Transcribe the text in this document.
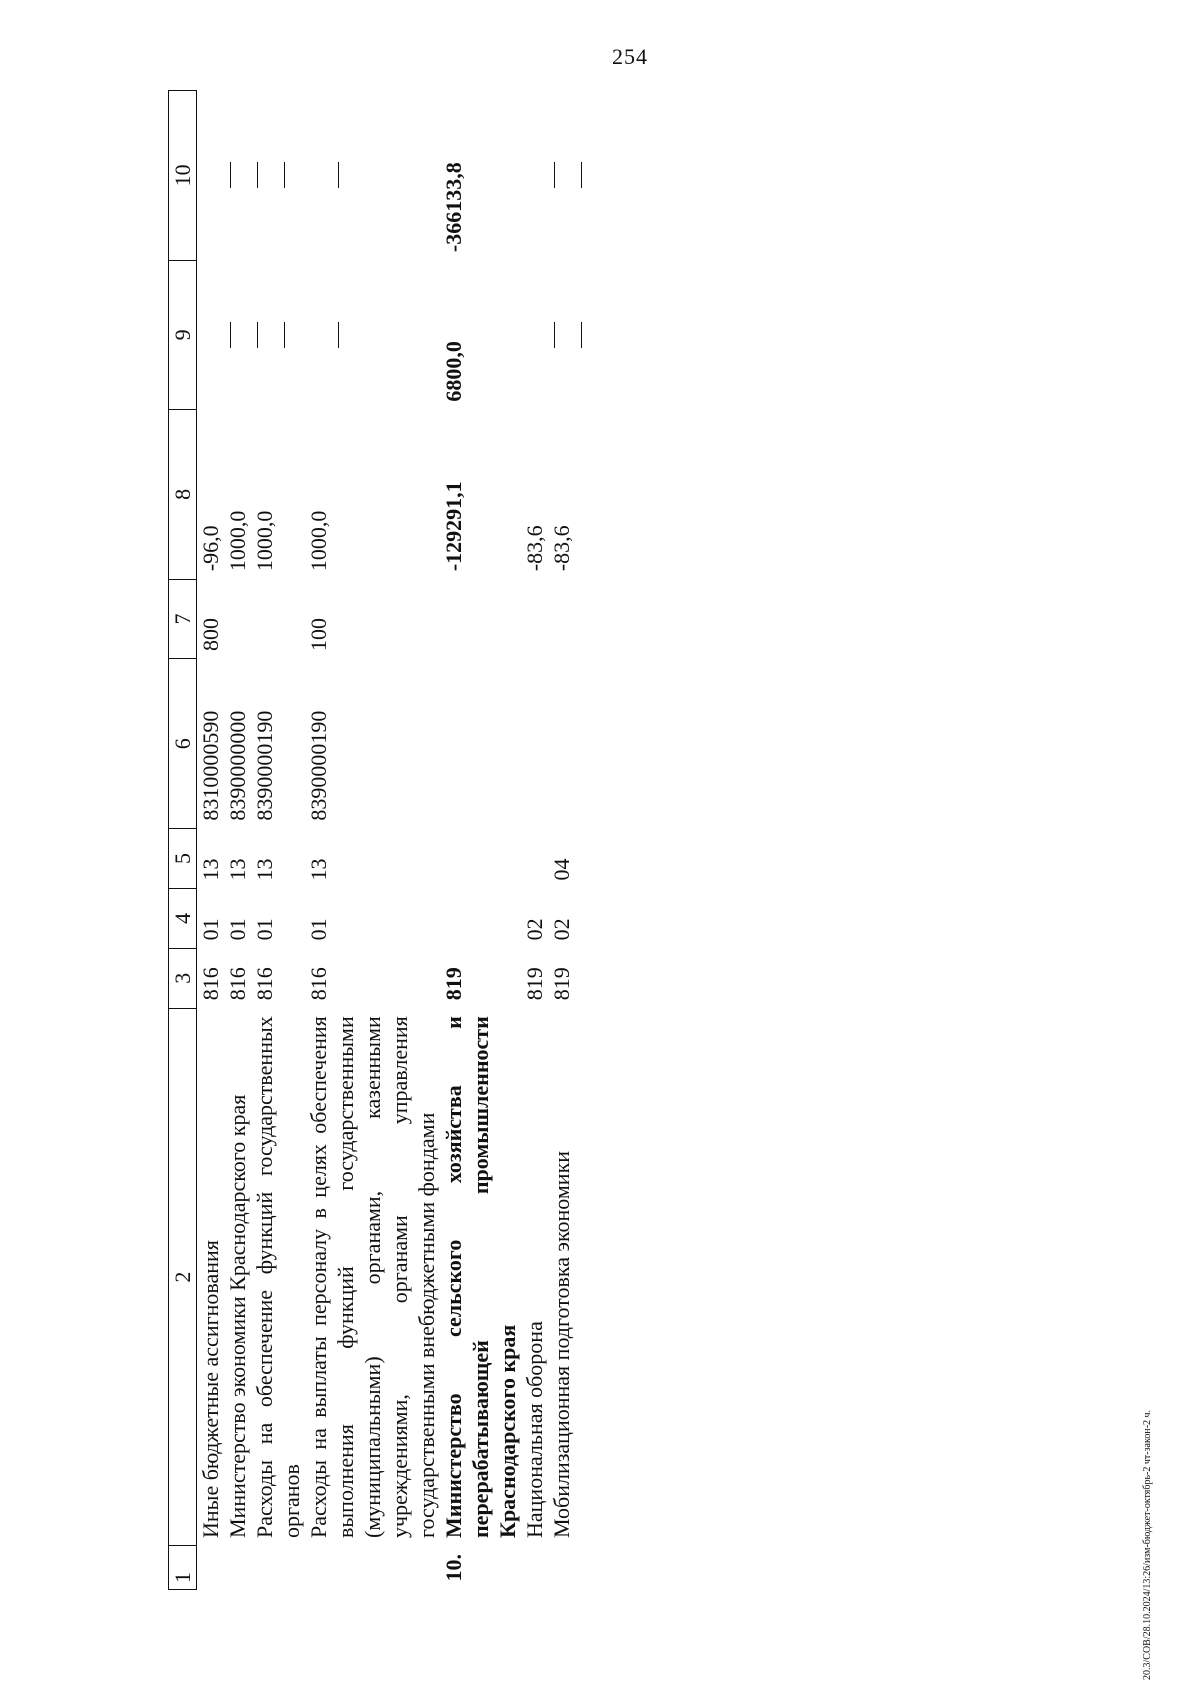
254
20.3/СОВ/28.10.2024/13:26/изм-бюджет-октябрь-2 чт-закон-2 ч.
1	2	3	4	5	6	7	8	9	10
	Иные бюджетные ассигнования	816	01	13	8310000590	800	-96,0		
	Министерство экономики Краснодарского края	816	01	13	8390000000		1000,0		
	Расходы на обеспечение функций государственных органов	816	01	13	8390000190		1000,0		
	Расходы на выплаты персоналу в целях обеспечения выполнения функций государственными (муниципальными) органами, казенными учреждениями, органами управления государственными внебюджетными фондами	816	01	13	8390000190	100	1000,0		
10.	Министерство сельского хозяйства и перерабатывающей промышленности Краснодарского края	819					-129291,1	6800,0	-366133,8
	Национальная оборона	819	02				-83,6		
	Мобилизационная подготовка экономики	819	02	04			-83,6		
